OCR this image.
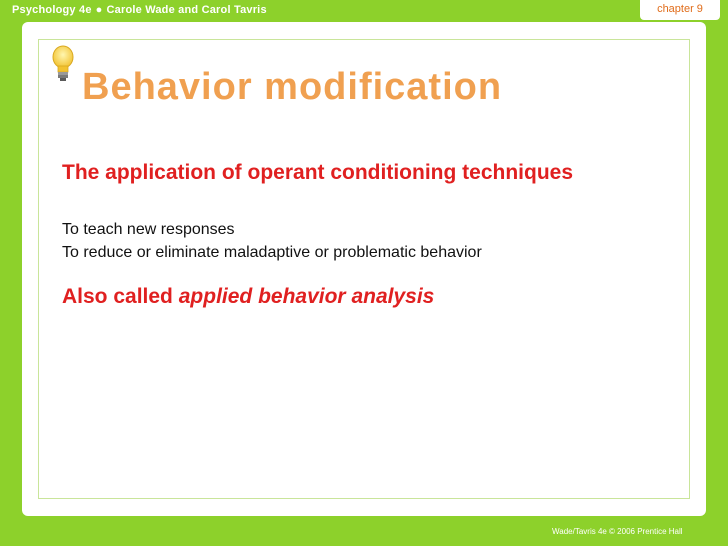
Psychology 4e ● Carole Wade and Carol Tavris	chapter 9
Behavior modification
The application of operant conditioning techniques
To teach new responses
To reduce or eliminate maladaptive or problematic behavior
Also called applied behavior analysis
Wade/Tavris 4e © 2006 Prentice Hall
